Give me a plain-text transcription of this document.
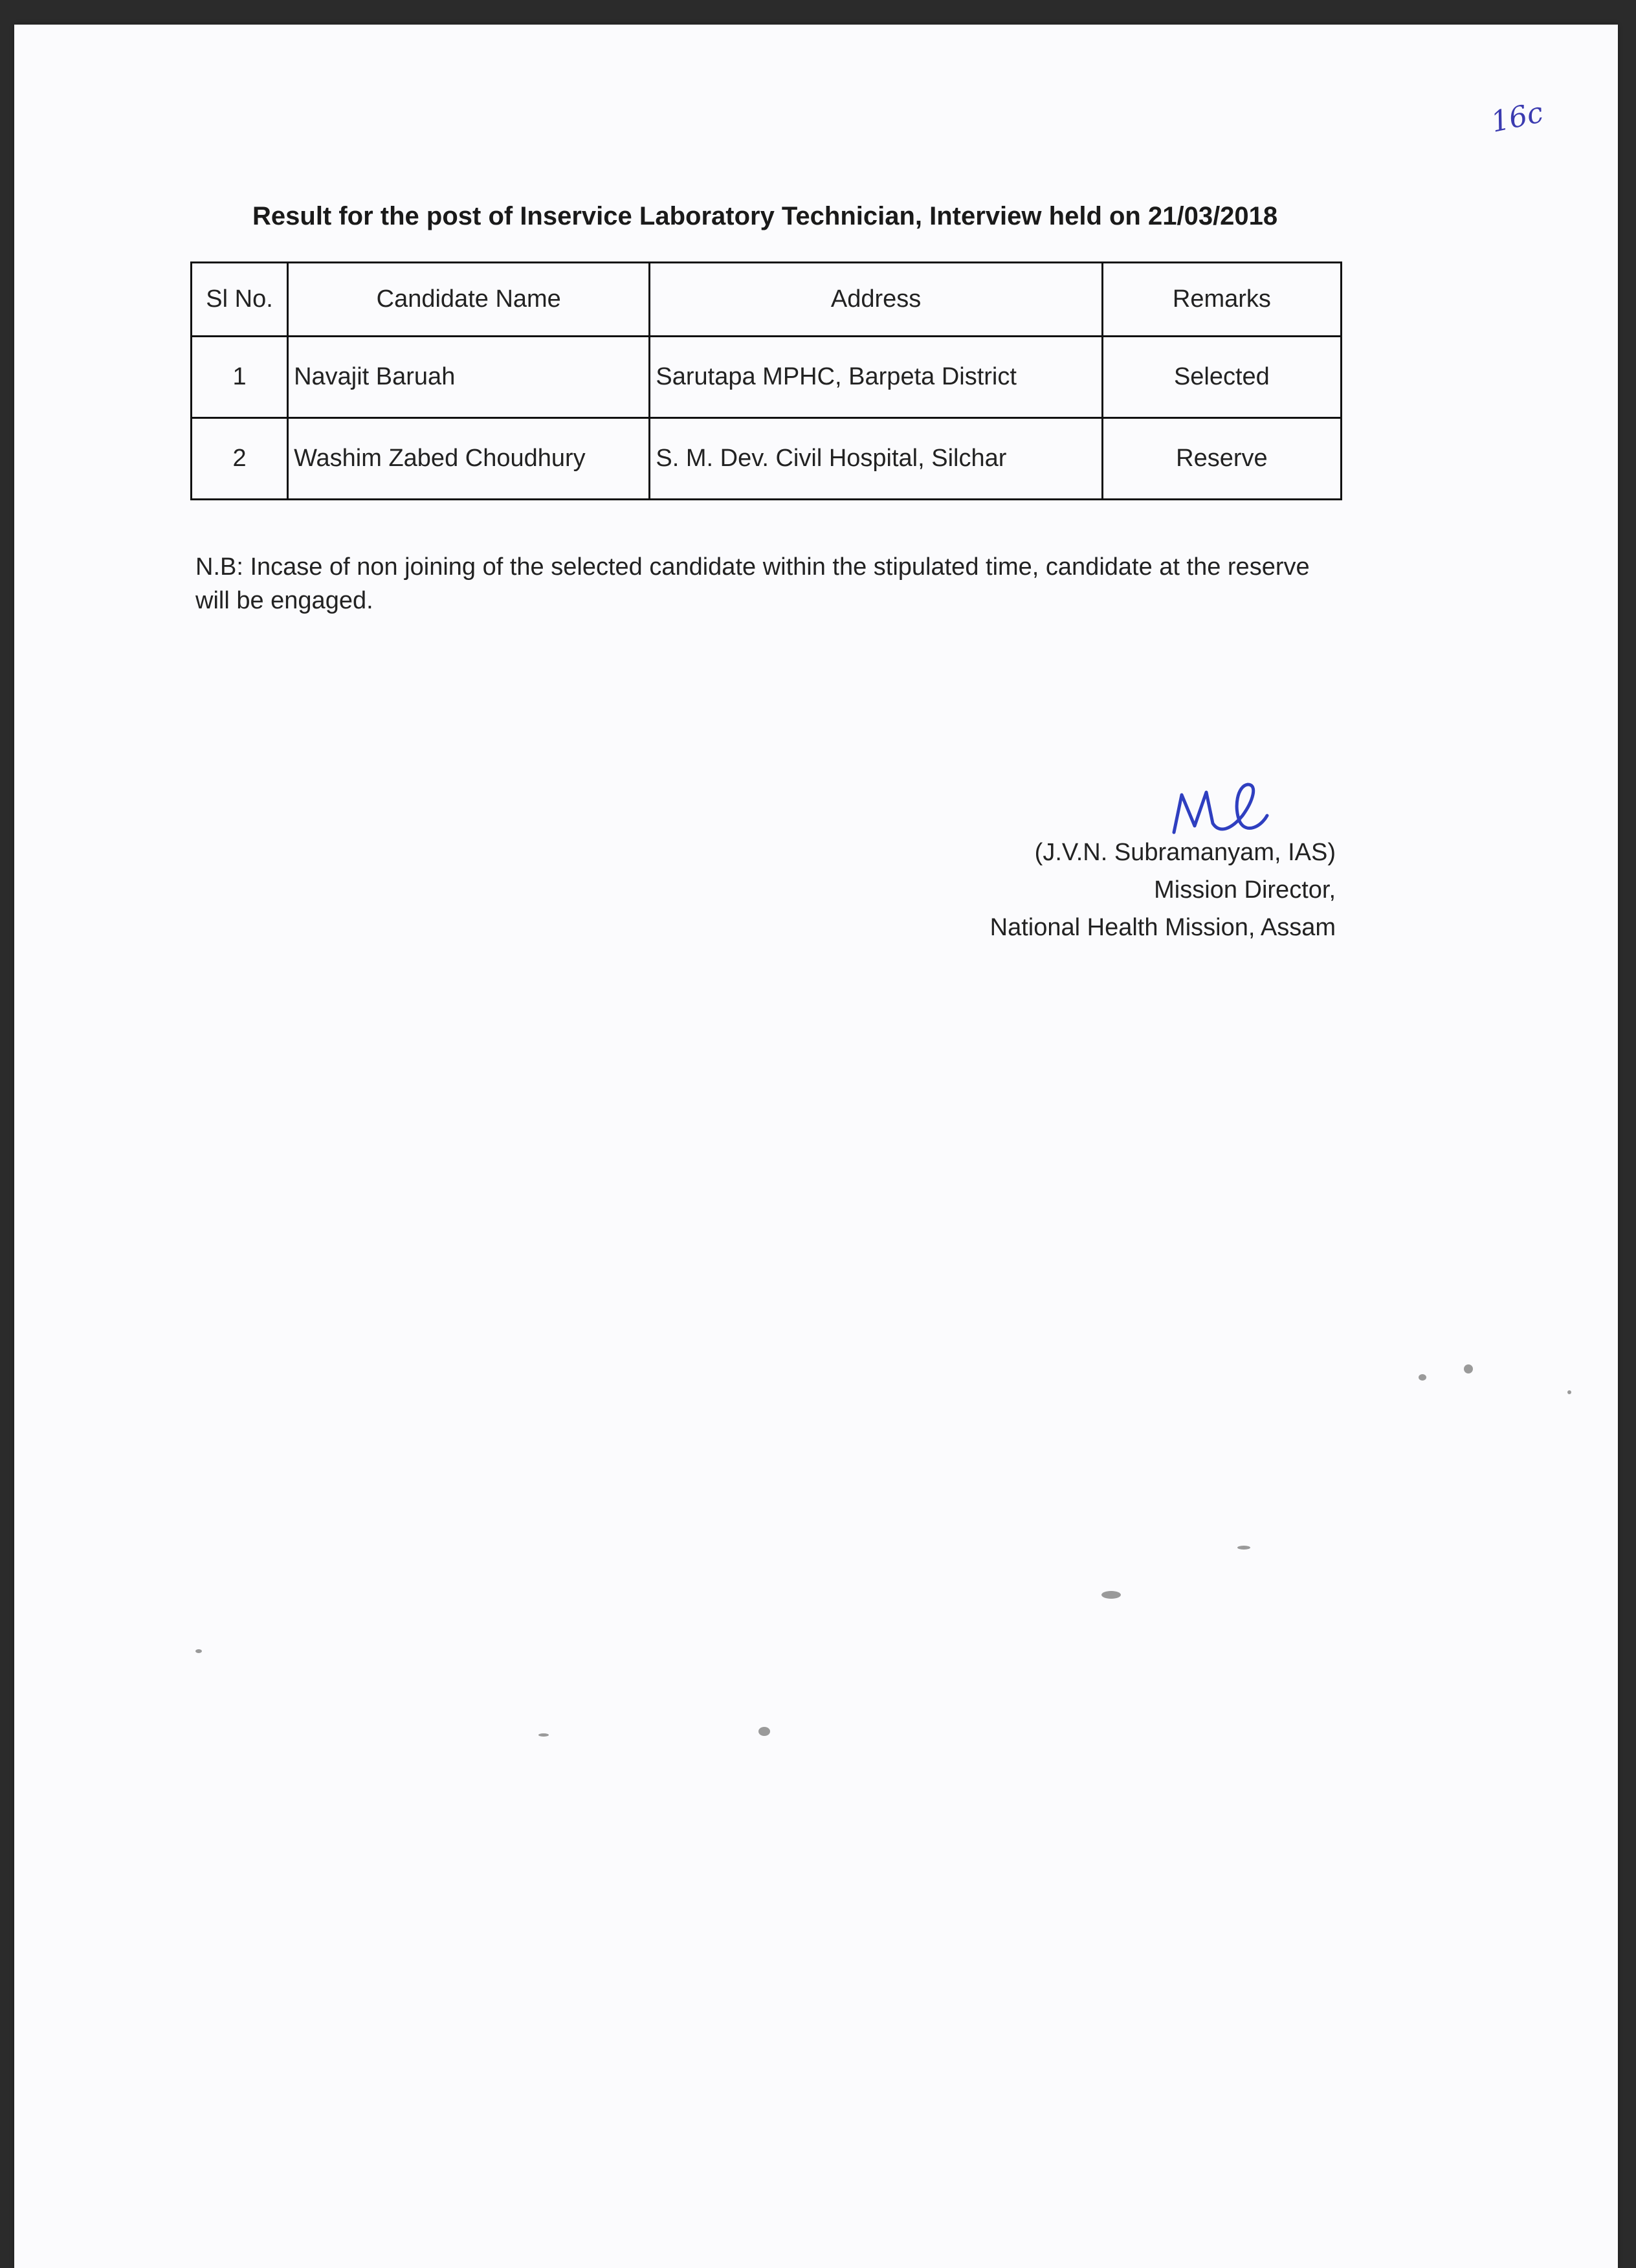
16c
Result for the post of Inservice Laboratory Technician, Interview held on 21/03/2018
Sl No.	Candidate Name	Address	Remarks
1	Navajit Baruah	Sarutapa MPHC, Barpeta District	Selected
2	Washim Zabed Choudhury	S. M. Dev. Civil Hospital, Silchar	Reserve
N.B: Incase of non joining of the selected candidate within the stipulated time, candidate at the reserve will be engaged.
(J.V.N. Subramanyam, IAS)
Mission Director,
National Health Mission, Assam
